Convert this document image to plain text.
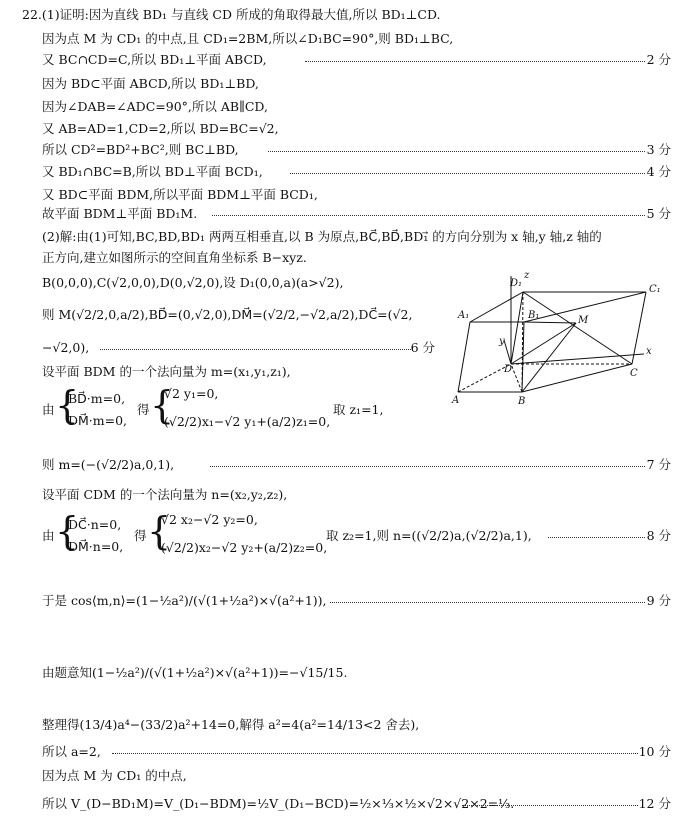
22.(1)证明:因为直线 BD₁ 与直线 CD 所成的角取得最大值,所以 BD₁⊥CD.
因为点 M 为 CD₁ 的中点,且 CD₁=2BM,所以∠D₁BC=90°,则 BD₁⊥BC,
又 BC∩CD=C,所以 BD₁⊥平面 ABCD,	2 分
因为 BD⊂平面 ABCD,所以 BD₁⊥BD,
因为∠DAB=∠ADC=90°,所以 AB∥CD,
又 AB=AD=1,CD=2,所以 BD=BC=√2,
所以 CD²=BD²+BC²,则 BC⊥BD,	3 分
又 BD₁∩BC=B,所以 BD⊥平面 BCD₁,	4 分
又 BD⊂平面 BDM,所以平面 BDM⊥平面 BCD₁,
故平面 BDM⊥平面 BD₁M.	5 分
(2)解:由(1)可知,BC,BD,BD₁ 两两互相垂直,以 B 为原点,BC⃗,BD⃗,BD₁⃗ 的方向分别为 x 轴,y 轴,z 轴的
正方向,建立如图所示的空间直角坐标系 B−xyz.
B(0,0,0),C(√2,0,0),D(0,√2,0),设 D₁(0,0,a)(a>√2),
则 M(√2/2,0,a/2),BD⃗=(0,√2,0),DM⃗=(√2/2,−√2,a/2),DC⃗=(√2,
−√2,0),	6 分
设平面 BDM 的一个法向量为 m=(x₁,y₁,z₁),
由 {
BD⃗·m=0,
DM⃗·m=0,
得 {
√2 y₁=0,
(√2/2)x₁−√2 y₁+(a/2)z₁=0,
取 z₁=1,
则 m=(−(√2/2)a,0,1),	7 分
设平面 CDM 的一个法向量为 n=(x₂,y₂,z₂),
由 {
DC⃗·n=0,
DM⃗·n=0,
得 {
√2 x₂−√2 y₂=0,
(√2/2)x₂−√2 y₂+(a/2)z₂=0,
取 z₂=1,则 n=((√2/2)a,(√2/2)a,1),	8 分
于是 cos⟨m,n⟩=(1−½a²)/(√(1+½a²)×√(a²+1)),	9 分
由题意知(1−½a²)/(√(1+½a²)×√(a²+1))=−√15/15.
整理得(13/4)a⁴−(33/2)a²+14=0,解得 a²=4(a²=14/13<2 舍去),
所以 a=2,	10 分
因为点 M 为 CD₁ 的中点,
所以 V_(D−BD₁M)=V_(D₁−BDM)=½V_(D₁−BCD)=½×⅓×½×√2×√2×2=⅓.	12 分
A₁
D₁
z
C₁
B₁	M
y
D
x
C
A	B
